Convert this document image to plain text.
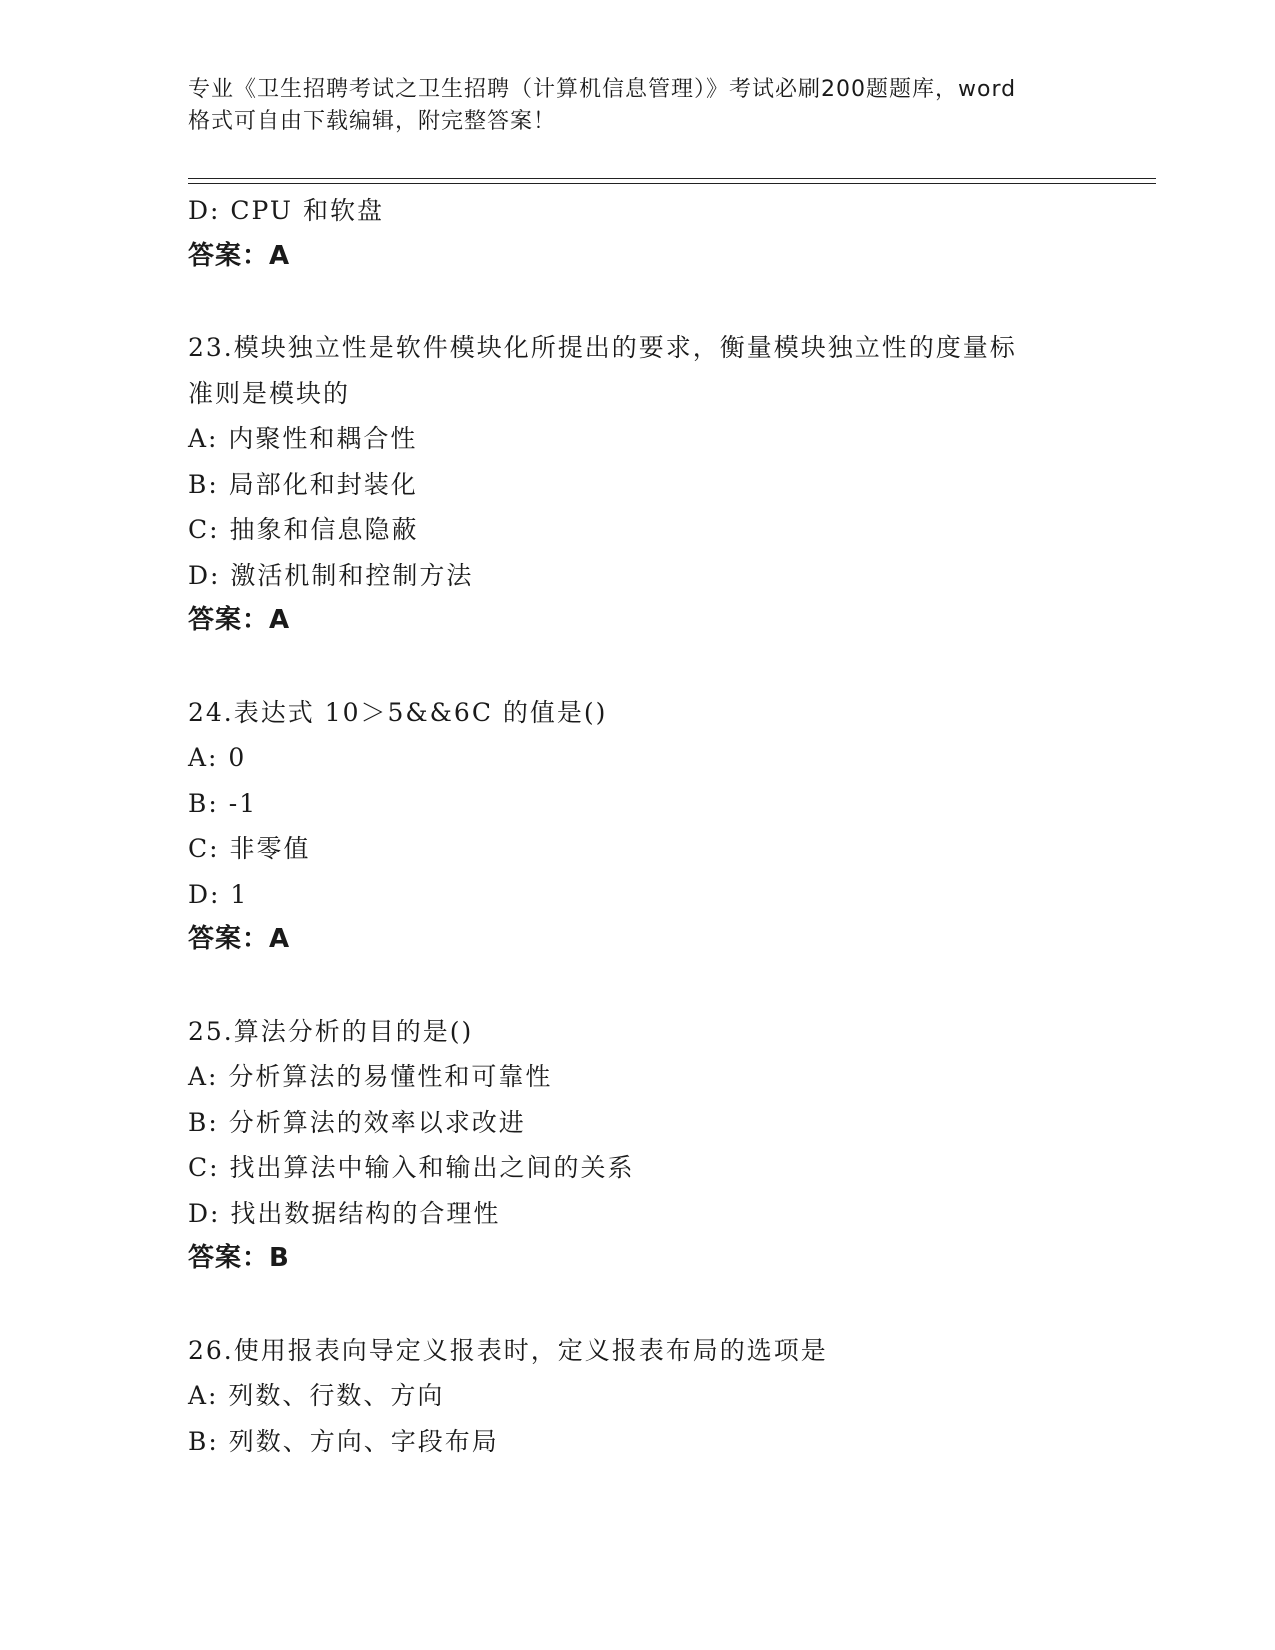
专业《卫生招聘考试之卫生招聘（计算机信息管理）》考试必刷200题题库，word
格式可自由下载编辑，附完整答案！
D: CPU 和软盘
答案：A
23.模块独立性是软件模块化所提出的要求，衡量模块独立性的度量标
准则是模块的
A: 内聚性和耦合性
B: 局部化和封装化
C: 抽象和信息隐蔽
D: 激活机制和控制方法
答案：A
24.表达式 10＞5&&6C 的值是()
A: 0
B: -1
C: 非零值
D: 1
答案：A
25.算法分析的目的是()
A: 分析算法的易懂性和可靠性
B: 分析算法的效率以求改进
C: 找出算法中输入和输出之间的关系
D: 找出数据结构的合理性
答案：B
26.使用报表向导定义报表时，定义报表布局的选项是
A: 列数、行数、方向
B: 列数、方向、字段布局
